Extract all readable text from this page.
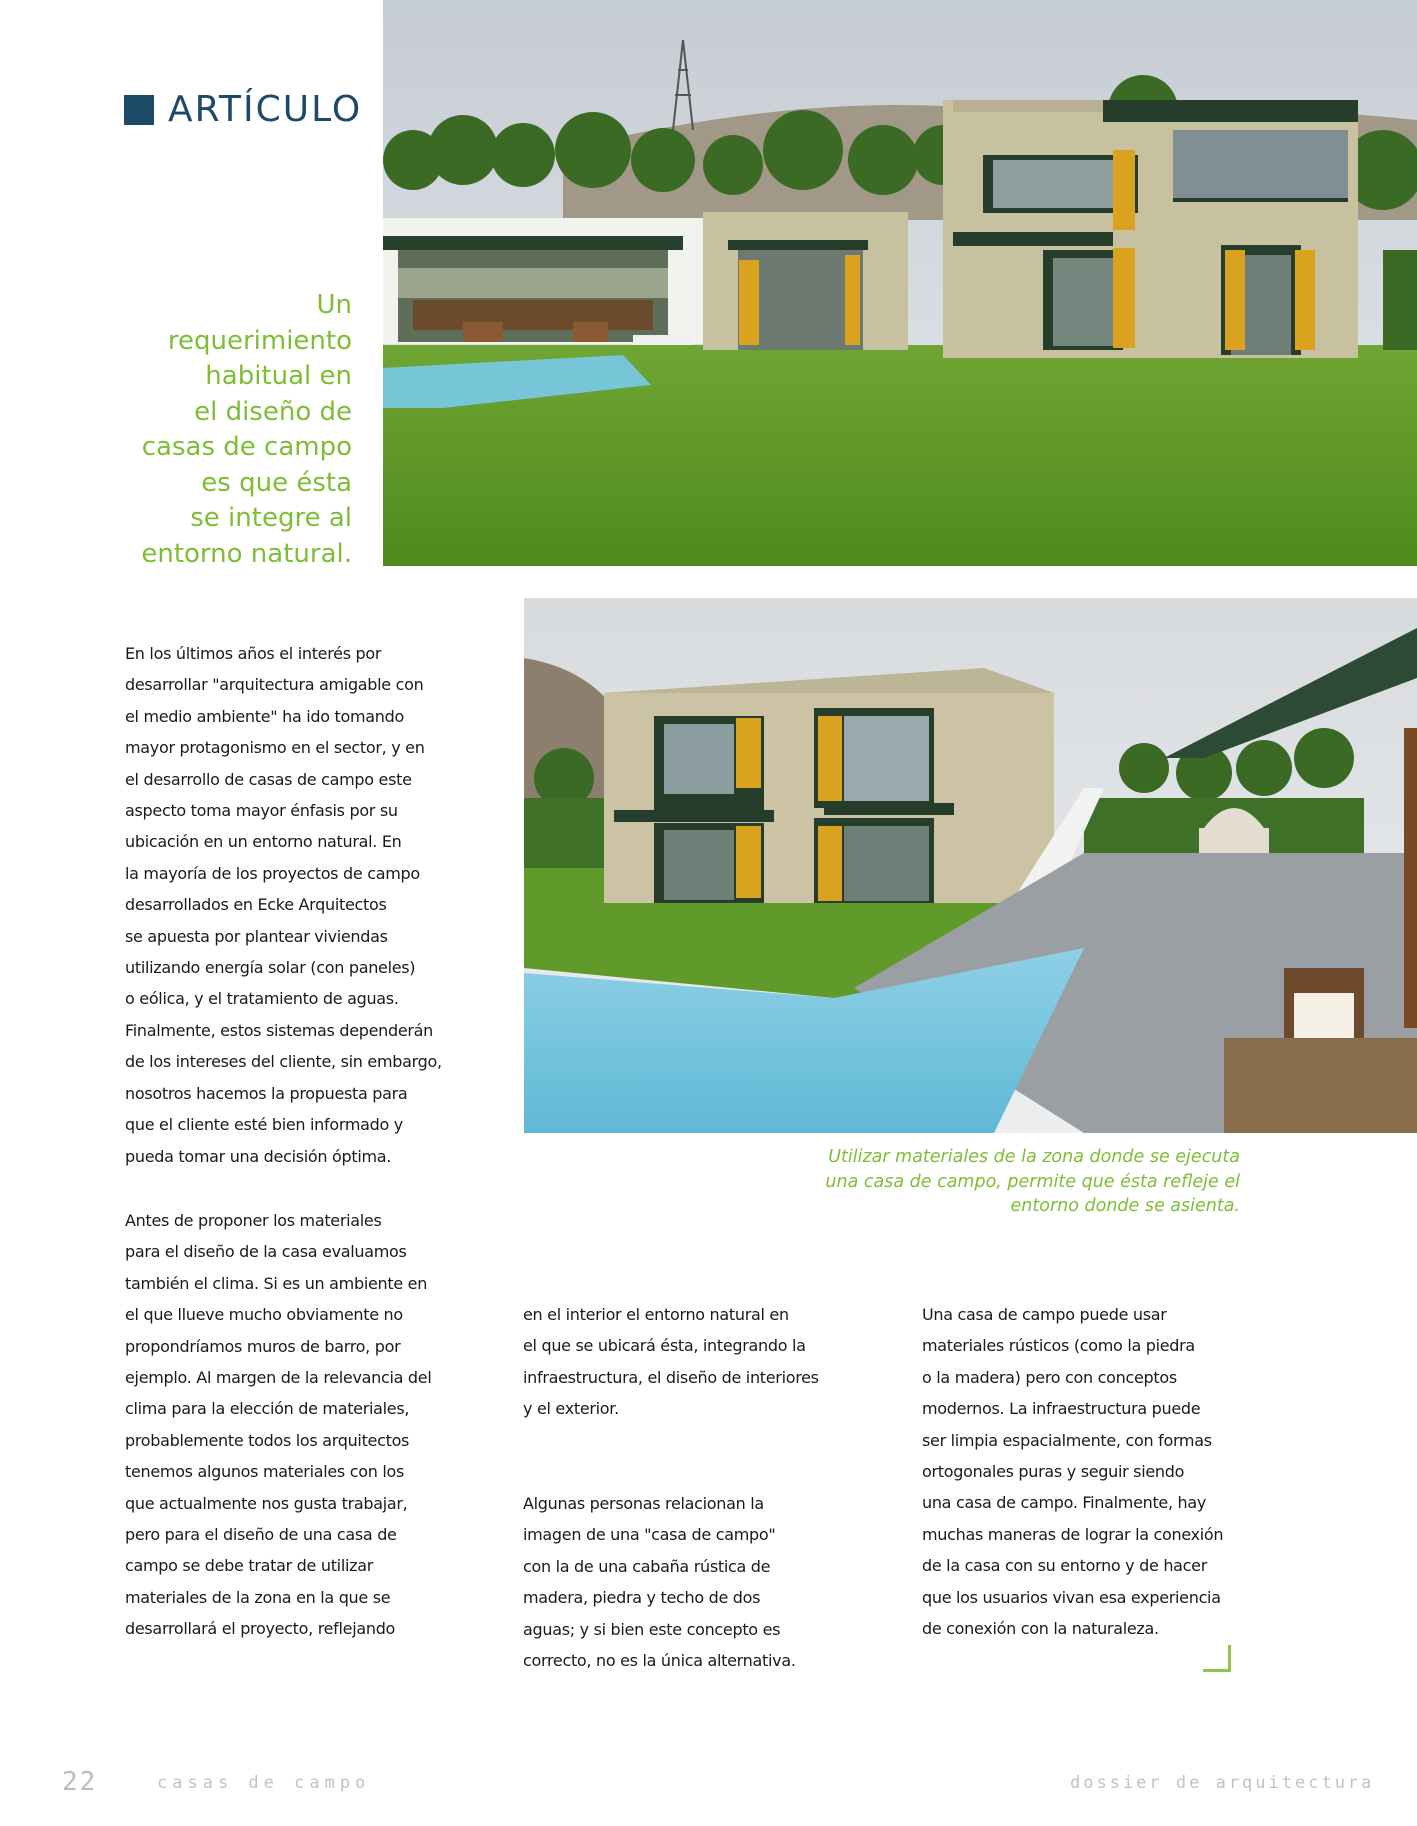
ARTÍCULO
Un
requerimiento
habitual en
el diseño de
casas de campo
es que ésta
se integre al
entorno natural.
Utilizar materiales de la zona donde se ejecuta
una casa de campo, permite que ésta refleje el
entorno donde se asienta.
En los últimos años el interés por
desarrollar "arquitectura amigable con
el medio ambiente" ha ido tomando
mayor protagonismo en el sector, y en
el desarrollo de casas de campo este
aspecto toma mayor énfasis por su
ubicación en un entorno natural. En
la mayoría de los proyectos de campo
desarrollados en Ecke Arquitectos
se apuesta por plantear viviendas
utilizando energía solar (con paneles)
o eólica, y el tratamiento de aguas.
Finalmente, estos sistemas dependerán
de los intereses del cliente, sin embargo,
nosotros hacemos la propuesta para
que el cliente esté bien informado y
pueda tomar una decisión óptima.
Antes de proponer los materiales
para el diseño de la casa evaluamos
también el clima. Si es un ambiente en
el que llueve mucho obviamente no
propondríamos muros de barro, por
ejemplo. Al margen de la relevancia del
clima para la elección de materiales,
probablemente todos los arquitectos
tenemos algunos materiales con los
que actualmente nos gusta trabajar,
pero para el diseño de una casa de
campo se debe tratar de utilizar
materiales de la zona en la que se
desarrollará el proyecto, reflejando
en el interior el entorno natural en
el que se ubicará ésta, integrando la
infraestructura, el diseño de interiores
y el exterior.
Algunas personas relacionan la
imagen de una "casa de campo"
con la de una cabaña rústica de
madera, piedra y techo de dos
aguas; y si bien este concepto es
correcto, no es la única alternativa.
Una casa de campo puede usar
materiales rústicos (como la piedra
o la madera) pero con conceptos
modernos. La infraestructura puede
ser limpia espacialmente, con formas
ortogonales puras y seguir siendo
una casa de campo. Finalmente, hay
muchas maneras de lograr la conexión
de la casa con su entorno y de hacer
que los usuarios vivan esa experiencia
de conexión con la naturaleza.
22	casas de campo	dossier de arquitectura
